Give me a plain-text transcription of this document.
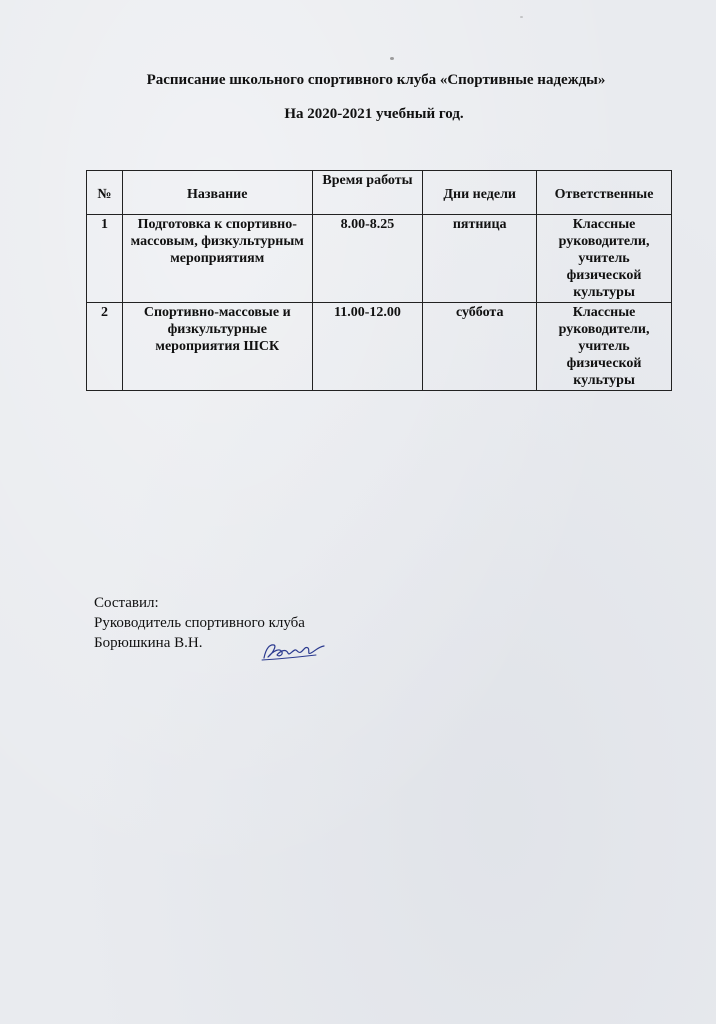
Расписание школьного спортивного клуба «Спортивные надежды»
На 2020-2021 учебный год.
№	Название	Время работы	Дни недели	Ответственные
1	Подготовка к спортивно-массовым, физкультурным мероприятиям	8.00-8.25	пятница	Классные руководители, учитель физической культуры
2	Спортивно-массовые и физкультурные мероприятия ШСК	11.00-12.00	суббота	Классные руководители, учитель физической культуры
Составил:
Руководитель спортивного клуба
Борюшкина В.Н.
